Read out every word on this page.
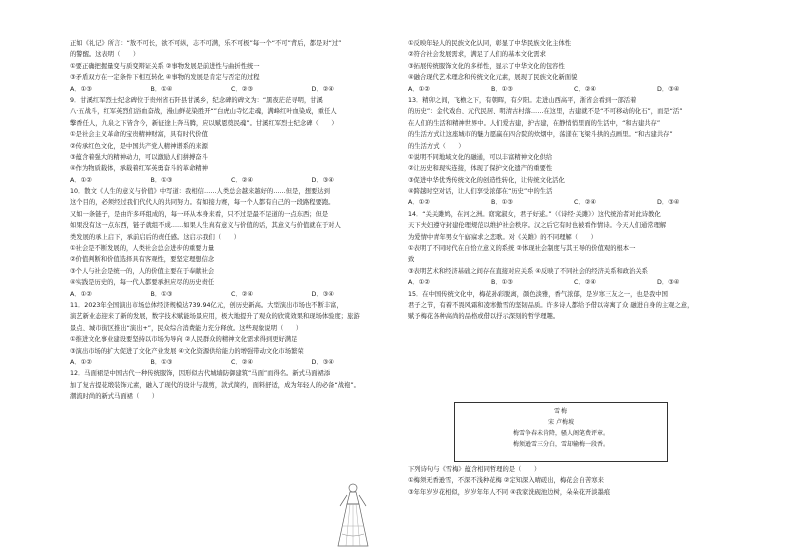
正如《礼记》所言：“敖不可长，欲不可纵，志不可满，乐不可极”每一个“不可”背后，都是对“过”
的警醒。这表明（　　）
①要正确把握量变与质变辩证关系 ②事物发展是前进性与曲折性统一
③矛盾双方在一定条件下相互转化 ④事物的发展是肯定与否定的过程
A．①③	B．①④	C．②③	D．②④
9．甘溪红军烈士纪念碑位于贵州省石阡县甘溪乡，纪念碑的碑文为：“黑夜茫茫寻明，甘溪
八·五战斗，红军英烈们浴血奋战，漫山鲜花染胜开“”白虎山寺忆走魂，满峰红叶血染成，重任人
擎香任人，九泉之下皆含今，新征途上奔马腾，应以赋恩奠民魂”。甘溪红军烈士纪念碑（　　）
①是社会主义革命的宝贵精神财富，具有时代价值
②传承红色文化，是中国共产党人精神谱系的来源
③蕴含着强大的精神动力，可以激励人们拼搏奋斗
④作为物质载体，承载着红军英勇奋斗的革命精神
A．①②	B．①③	C．②④	D．③④
10．散文《人生的意义与价值》中写道：我相信……人类总会越来越好的……但是，想要达到
这个目的，必须经过我们代代人的共同努力。有如接力赛，每一个人都有自己的一段路程要跑。
又如一条链子，是由许多环组成的，每一环从本身来看，只不过是最不足道的一点东西；但是
如果没有这一点东西，链子就组不成……如果人生真有意义与价值的话，其意义与价值就在于对人
类发展的承上启下，承前启后的责任感。这启示我们（　　）
①社会是不断发展的，人类社会总会进步的重要力量
②价值判断和价值选择具有客观性，要坚定理想信念
③个人与社会是统一的，人的价值主要在于奉献社会
④实践是历史的，每一代人都要承担应尽的历史责任
A．①②	B．①③	C．②④	D．③④
11．2023年全国演出市场总体经济规模达739.94亿元，创历史新高。大型演出市场也不断丰富，
演艺新业态迎来了新的发展，数字技术赋能场景应用，极大地提升了观众的欣赏效果和现场体验度；旅游
景点、城市街区推出“演出+”，民众综合消费能力充分释放。这些现象说明（　　）
①推进文化事业建设要坚持以市场为导向 ②人民群众的精神文化需求得到更好满足
③演出市场的扩大促进了文化产业发展 ④文化资源供给能力的增强带动文化市场繁荣
A．①②	B．①③	C．②④	D．③④
12．马面裙是中国古代一种传统服饰，因形似古代城墙防御建筑“马面”而得名。新式马面裙添
加了复古提花缎装饰元素，融入了现代的设计与裁剪，款式简约，面料舒适，成为年轻人的必备“战袍”。
潮流时尚的新式马面裙（　　）
①反映年轻人的民族文化认同，彰显了中华民族文化主体性
②符合社会发展需求，满足了人们的基本文化需求
③拓展传统服饰文化的多样性，显示了中华文化的包容性
④融合现代艺术理念和传统文化元素，展现了民族文化新面貌
A．①②	B．①③	C．②④	D．③④
13．精卯之间，飞檐之下，有朝晖，有夕阳。走进山西高平，浙省会看到一部活着
的历史”：金代戏台、元代民居、明清古村落……在这里，古建就不是“不可移动的化石”，而是“活”
在人们的生活和精神世界中。人们爱古建，护古建，在静悄悄里面的生活中，“和古建共存”
的生活方式让这座城市的魅力愿赢在四合院的炊烟中，荡漾在飞梁斗拱的点画里。“和古建共存”
的生活方式（　　）
①说明不同地域文化的融通，可以丰富精神文化供给
②让历史和现实连接，体现了保护文化遗产的重要性
③促进中华优秀传统文化的创造性转化，让传统文化活化
④跨越时空对话，让人们享受浓郁在“历史”中的生活
A．①②	B．①③	C．②④	D．③④
14．“关关雎鸠，在河之洲。窈窕淑女，君子好逑。”（《诗经·关雎》）这代统治者对此诗教化
天下夫妇遵守封建伦理规范以维护社会秩序。汉之后它有时也被看作情诗。今天人们通常理解
为爱情中青年男女午寤寐求之恋歌。对《关雎》的不同理解（　　）
①表明了不同时代在自恰立意义的系统 ②体现社会制度与其王导的价值观的根本一
致
③表明艺术和经济基础之间存在直接对应关系 ④反映了不同社会的经济关系和政治关系
A．①②	B．①③	C．②④	D．③④
15．在中国传统文化中，梅花孙彩脱离，颜色淡雅，香气浓郁，是岁寒三友之一，也是我中国
君子之节，有着不畏风霜和凌寒傲雪的坚韧品质。许多诗人都给予借以寄寓了众 融进自身的主观之意，
赋予梅花各种高尚的品格或借以抒示深刻的哲学理趣。
雪梅
宋 卢梅坡
梅雪争春未肯降，骚人阁笔费评章。
梅须逊雪三分白，雪却输梅一段香。
下列诗句与《雪梅》蕴含相同哲理的是（　　）
①梅须无香逊雪，不深不浅种花梅 ②定知深入晴磋出，梅花会自苦寒来
③年年岁岁花相似，岁岁年年人不同 ④我家洗砚池边树，朵朵花开淡墨痕
